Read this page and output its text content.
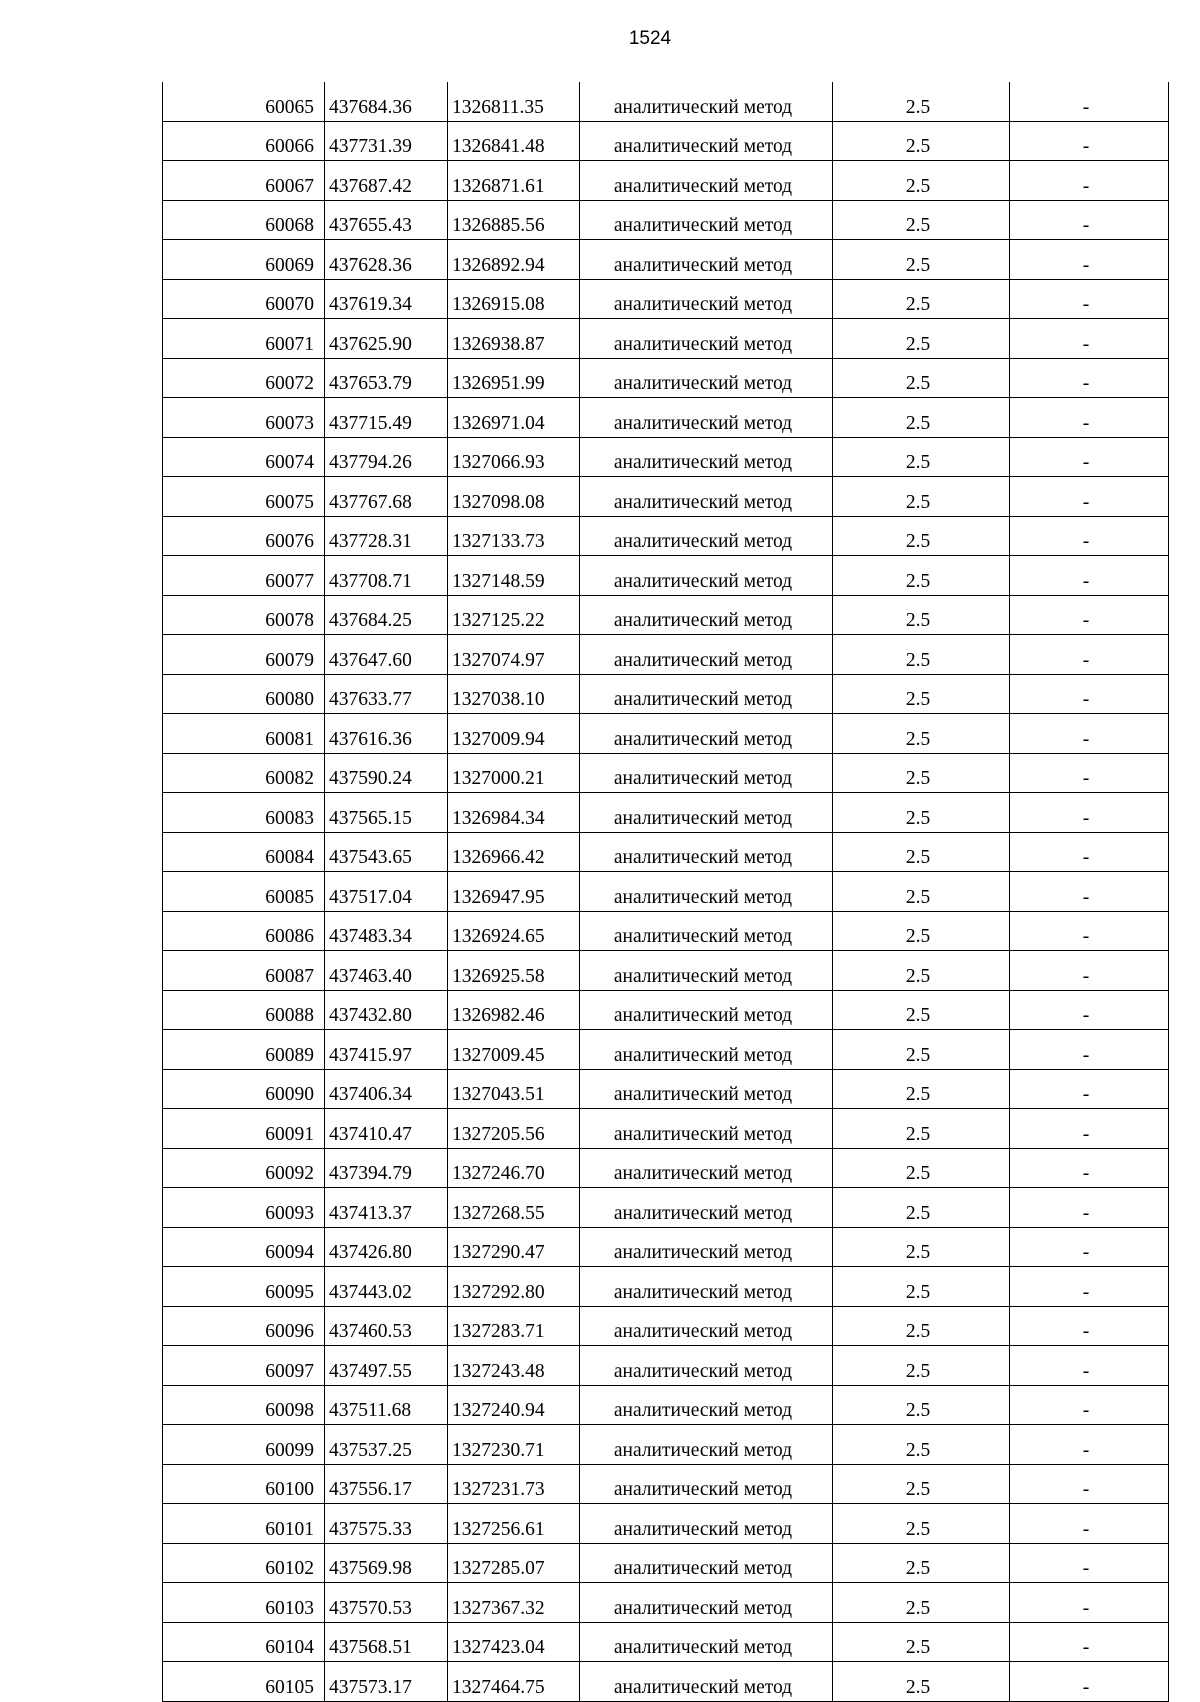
1524
60065	437684.36	1326811.35	аналитический метод	2.5	-
60066	437731.39	1326841.48	аналитический метод	2.5	-
60067	437687.42	1326871.61	аналитический метод	2.5	-
60068	437655.43	1326885.56	аналитический метод	2.5	-
60069	437628.36	1326892.94	аналитический метод	2.5	-
60070	437619.34	1326915.08	аналитический метод	2.5	-
60071	437625.90	1326938.87	аналитический метод	2.5	-
60072	437653.79	1326951.99	аналитический метод	2.5	-
60073	437715.49	1326971.04	аналитический метод	2.5	-
60074	437794.26	1327066.93	аналитический метод	2.5	-
60075	437767.68	1327098.08	аналитический метод	2.5	-
60076	437728.31	1327133.73	аналитический метод	2.5	-
60077	437708.71	1327148.59	аналитический метод	2.5	-
60078	437684.25	1327125.22	аналитический метод	2.5	-
60079	437647.60	1327074.97	аналитический метод	2.5	-
60080	437633.77	1327038.10	аналитический метод	2.5	-
60081	437616.36	1327009.94	аналитический метод	2.5	-
60082	437590.24	1327000.21	аналитический метод	2.5	-
60083	437565.15	1326984.34	аналитический метод	2.5	-
60084	437543.65	1326966.42	аналитический метод	2.5	-
60085	437517.04	1326947.95	аналитический метод	2.5	-
60086	437483.34	1326924.65	аналитический метод	2.5	-
60087	437463.40	1326925.58	аналитический метод	2.5	-
60088	437432.80	1326982.46	аналитический метод	2.5	-
60089	437415.97	1327009.45	аналитический метод	2.5	-
60090	437406.34	1327043.51	аналитический метод	2.5	-
60091	437410.47	1327205.56	аналитический метод	2.5	-
60092	437394.79	1327246.70	аналитический метод	2.5	-
60093	437413.37	1327268.55	аналитический метод	2.5	-
60094	437426.80	1327290.47	аналитический метод	2.5	-
60095	437443.02	1327292.80	аналитический метод	2.5	-
60096	437460.53	1327283.71	аналитический метод	2.5	-
60097	437497.55	1327243.48	аналитический метод	2.5	-
60098	437511.68	1327240.94	аналитический метод	2.5	-
60099	437537.25	1327230.71	аналитический метод	2.5	-
60100	437556.17	1327231.73	аналитический метод	2.5	-
60101	437575.33	1327256.61	аналитический метод	2.5	-
60102	437569.98	1327285.07	аналитический метод	2.5	-
60103	437570.53	1327367.32	аналитический метод	2.5	-
60104	437568.51	1327423.04	аналитический метод	2.5	-
60105	437573.17	1327464.75	аналитический метод	2.5	-
